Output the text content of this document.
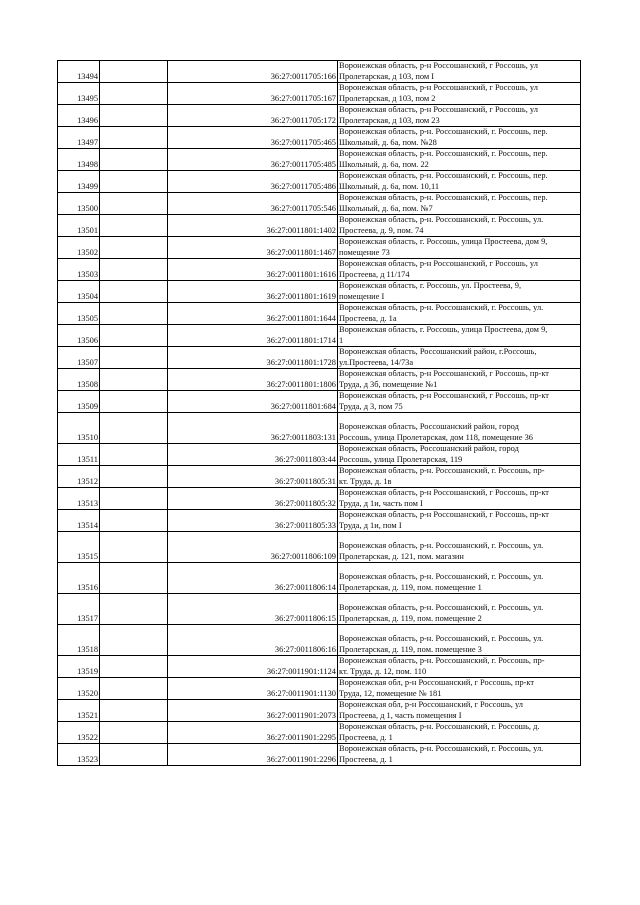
13494		36:27:0011705:166	Воронежская область, р-н Россошанский, г Россошь, ул
Пролетарская, д 103, пом I

13495		36:27:0011705:167	Воронежская область, р-н Россошанский, г Россошь, ул
Пролетарская, д 103, пом 2

13496		36:27:0011705:172	Воронежская область, р-н Россошанский, г Россошь, ул
Пролетарская, д 103, пом 23

13497		36:27:0011705:465	Воронежская область, р-н. Россошанский, г. Россошь, пер.
Школьный, д. 6а, пом. №28

13498		36:27:0011705:485	Воронежская область, р-н. Россошанский, г. Россошь, пер.
Школьный, д. 6а, пом. 22

13499		36:27:0011705:486	Воронежская область, р-н. Россошанский, г. Россошь, пер.
Школьный, д. 6а, пом. 10,11

13500		36:27:0011705:546	Воронежская область, р-н. Россошанский, г. Россошь, пер.
Школьный, д. 6а, пом. №7

13501		36:27:0011801:1402	Воронежская область, р-н. Россошанский, г. Россошь, ул.
Простеева, д. 9, пом. 74

13502		36:27:0011801:1467	Воронежская область, г. Россошь, улица Простеева, дом 9,
помещение 73

13503		36:27:0011801:1616	Воронежская область, р-н Россошанский, г Россошь, ул
Простеева, д 11/174

13504		36:27:0011801:1619	Воронежская область, г. Россошь, ул. Простеева, 9,
помещение I

13505		36:27:0011801:1644	Воронежская область, р-н. Россошанский, г. Россошь, ул.
Простеева, д. 1а

13506		36:27:0011801:1714	Воронежская область, г. Россошь, улица Простеева, дом 9,
1

13507		36:27:0011801:1728	Воронежская область, Россошанский район, г.Россошь,
ул.Простеева, 14/73а

13508		36:27:0011801:1806	Воронежская область, р-н Россошанский, г Россошь, пр-кт
Труда, д 3б, помещение №1

13509		36:27:0011801:684	Воронежская область, р-н Россошанский, г Россошь, пр-кт
Труда, д 3, пом 75

13510		36:27:0011803:131	Воронежская область, Россошанский район, город
Россошь, улица Пролетарская, дом 118, помещение 36

13511		36:27:0011803:44	Воронежская область, Россошанский район, город
Россошь, улица Пролетарская, 119

13512		36:27:0011805:31	Воронежская область, р-н. Россошанский, г. Россошь, пр-
кт. Труда, д. 1в

13513		36:27:0011805:32	Воронежская область, р-н Россошанский, г Россошь, пр-кт
Труда, д 1и, часть пом I

13514		36:27:0011805:33	Воронежская область, р-н Россошанский, г Россошь, пр-кт
Труда, д 1и, пом I

13515		36:27:0011806:109	Воронежская область, р-н. Россошанский, г. Россошь, ул.
Пролетарская, д. 121, пом. магазин

13516		36:27:0011806:14	Воронежская область, р-н. Россошанский, г. Россошь, ул.
Пролетарская, д. 119, пом. помещение 1

13517		36:27:0011806:15	Воронежская область, р-н. Россошанский, г. Россошь, ул.
Пролетарская, д. 119, пом. помещение 2

13518		36:27:0011806:16	Воронежская область, р-н. Россошанский, г. Россошь, ул.
Пролетарская, д. 119, пом. помещение 3

13519		36:27:0011901:1124	Воронежская область, р-н. Россошанский, г. Россошь, пр-
кт. Труда, д. 12, пом. 110

13520		36:27:0011901:1130	Воронежская обл, р-н Россошанский, г Россошь, пр-кт
Труда, 12, помещение № 181

13521		36:27:0011901:2073	Воронежская обл, р-н Россошанский, г Россошь, ул
Простеева, д 1, часть помещения I

13522		36:27:0011901:2295	Воронежская область, р-н. Россошанский, г. Россошь, д.
Простеева, д. 1

13523		36:27:0011901:2296	Воронежская область, р-н. Россошанский, г. Россошь, ул.
Простеева, д. 1
